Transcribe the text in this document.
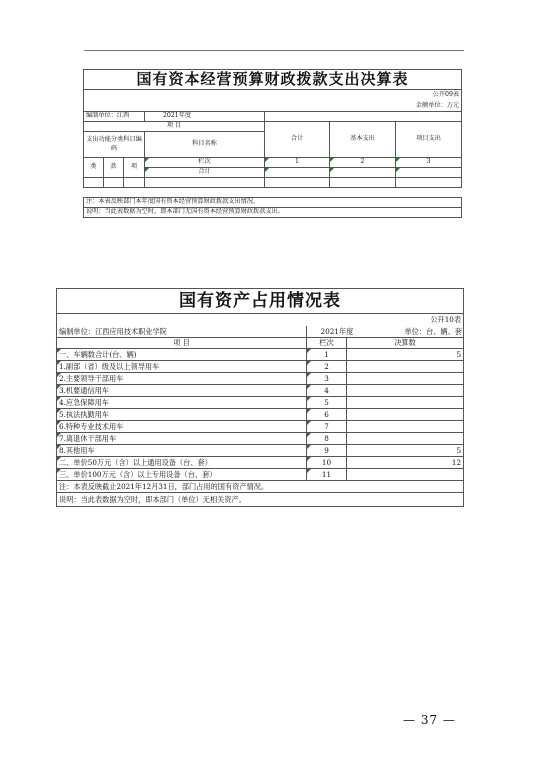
国有资本经营预算财政拨款支出决算表						
公开09表						
金额单位：万元						
编制单位：江西			2021年度			
项 目				合计	基本支出	项目支出
支出功能分类科目编码			科目名称			

类	款	项	栏次	1	2	3
			合计			

注：本表反映部门本年度国有资本经营预算财政拨款支出情况。						
说明：当此表数据为空时，即本部门无国有资本经营预算财政拨款支出。						
国有资产占用情况表		
公开10表		
编制单位：江西应用技术职业学院	2021年度 单位：台、辆、套	
项 目	栏次	决算数
一、车辆数合计(台、辆)	1	5
1.副部（省）级及以上领导用车	2	
2.主要领导干部用车	3	
3.机要通信用车	4	
4.应急保障用车	5	
5.执法执勤用车	6	
6.特种专业技术用车	7	
7.离退休干部用车	8	
8.其他用车	9	5
二、单价50万元（含）以上通用设备（台、套）	10	12
三、单价100万元（含）以上专用设备（台、套）	11	
注：本表反映截止2021年12月31日，部门占用的国有资产情况。		
说明：当此表数据为空时，即本部门（单位）无相关资产。		
— 37 —
